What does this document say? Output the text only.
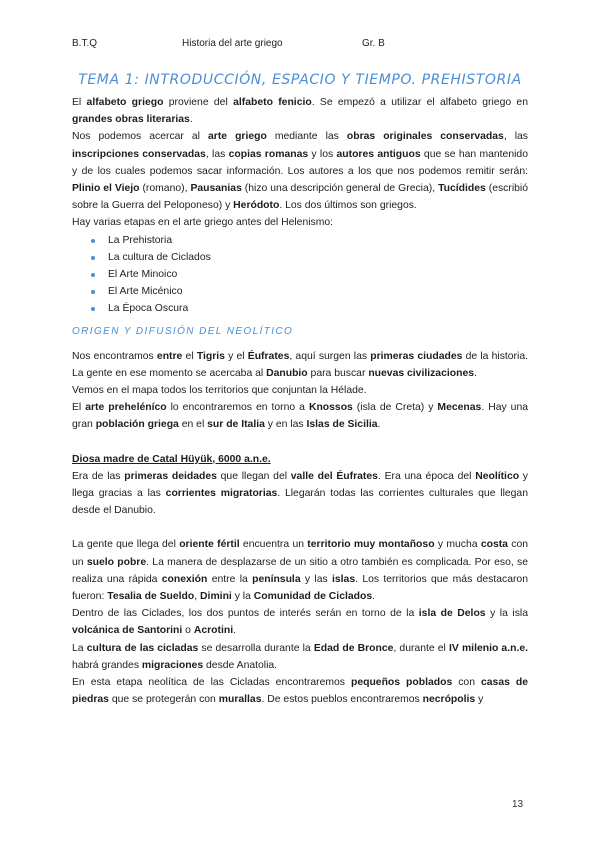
B.T.Q	Historia del arte griego	Gr. B
TEMA 1: INTRODUCCIÓN, ESPACIO Y TIEMPO. PREHISTORIA

El alfabeto griego proviene del alfabeto fenicio. Se empezó a utilizar el alfabeto griego en grandes obras literarias.

Nos podemos acercar al arte griego mediante las obras originales conservadas, las inscripciones conservadas, las copias romanas y los autores antiguos que se han mantenido y de los cuales podemos sacar información. Los autores a los que nos podemos remitir serán: Plinio el Viejo (romano), Pausanias (hizo una descripción general de Grecia), Tucídides (escribió sobre la Guerra del Peloponeso) y Heródoto. Los dos últimos son griegos.

Hay varias etapas en el arte griego antes del Helenismo:

La Prehistoria
La cultura de Ciclados
El Arte Minoico
El Arte Micénico
La Época Oscura
ORIGEN Y DIFUSIÓN DEL NEOLÍTICO

Nos encontramos entre el Tigris y el Éufrates, aquí surgen las primeras ciudades de la historia. La gente en ese momento se acercaba al Danubio para buscar nuevas civilizaciones.

Vemos en el mapa todos los territorios que conjuntan la Hélade.

El arte preheléníco lo encontraremos en torno a Knossos (isla de Creta) y Mecenas. Hay una gran población griega en el sur de Italia y en las Islas de Sicilia.

Diosa madre de Catal Hüyük, 6000 a.n.e.

Era de las primeras deidades que llegan del valle del Éufrates. Era una época del Neolítico y llega gracias a las corrientes migratorias. Llegarán todas las corrientes culturales que llegan desde el Danubio.

La gente que llega del oriente fértil encuentra un territorio muy montañoso y mucha costa con un suelo pobre. La manera de desplazarse de un sitio a otro también es complicada. Por eso, se realiza una rápida conexión entre la península y las islas. Los territorios que más destacaron fueron: Tesalia de Sueldo, Dimini y la Comunidad de Ciclados.

Dentro de las Ciclades, los dos puntos de interés serán en torno de la isla de Delos y la isla volcánica de Santorini o Acrotini.

La cultura de las cicladas se desarrolla durante la Edad de Bronce, durante el IV milenio a.n.e. habrá grandes migraciones desde Anatolia.

En esta etapa neolítica de las Cicladas encontraremos pequeños poblados con casas de piedras que se protegerán con murallas. De estos pueblos encontraremos necrópolis y

13
